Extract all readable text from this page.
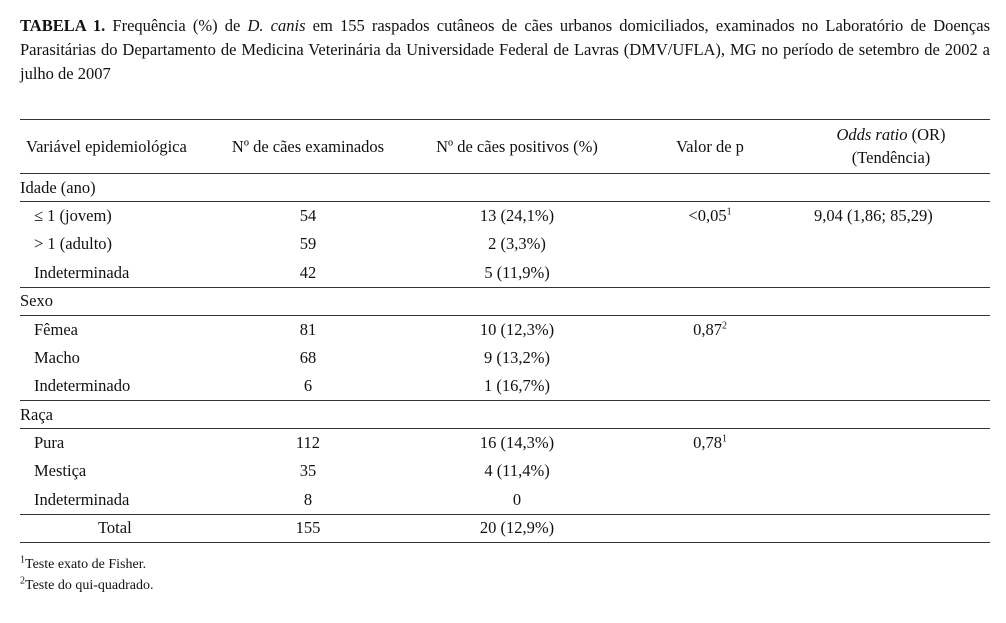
TABELA 1. Frequência (%) de D. canis em 155 raspados cutâneos de cães urbanos domiciliados, examinados no Laboratório de Doenças Parasitárias do Departamento de Medicina Veterinária da Universidade Federal de Lavras (DMV/UFLA), MG no período de setembro de 2002 a julho de 2007
Variável epidemiológica	Nº de cães examinados	Nº de cães positivos (%)	Valor de p	Odds ratio (OR)
(Tendência)
Idade (ano)				
≤ 1 (jovem)	54	13 (24,1%)	$<0,05^1$	9,04 (1,86; 85,29)
> 1 (adulto)	59	2 (3,3%)		
Indeterminada	42	5 (11,9%)		
Sexo				
Fêmea	81	10 (12,3%)	0,87$^2$	
Macho	68	9 (13,2%)		
Indeterminado	6	1 (16,7%)		
Raça				
Pura	112	16 (14,3%)	0,78$^1$	
Mestiça	35	4 (11,4%)		
Indeterminada	8	0		
Total	155	20 (12,9%)		
$^1$Teste exato de Fisher.
$^2$Teste do qui-quadrado.
